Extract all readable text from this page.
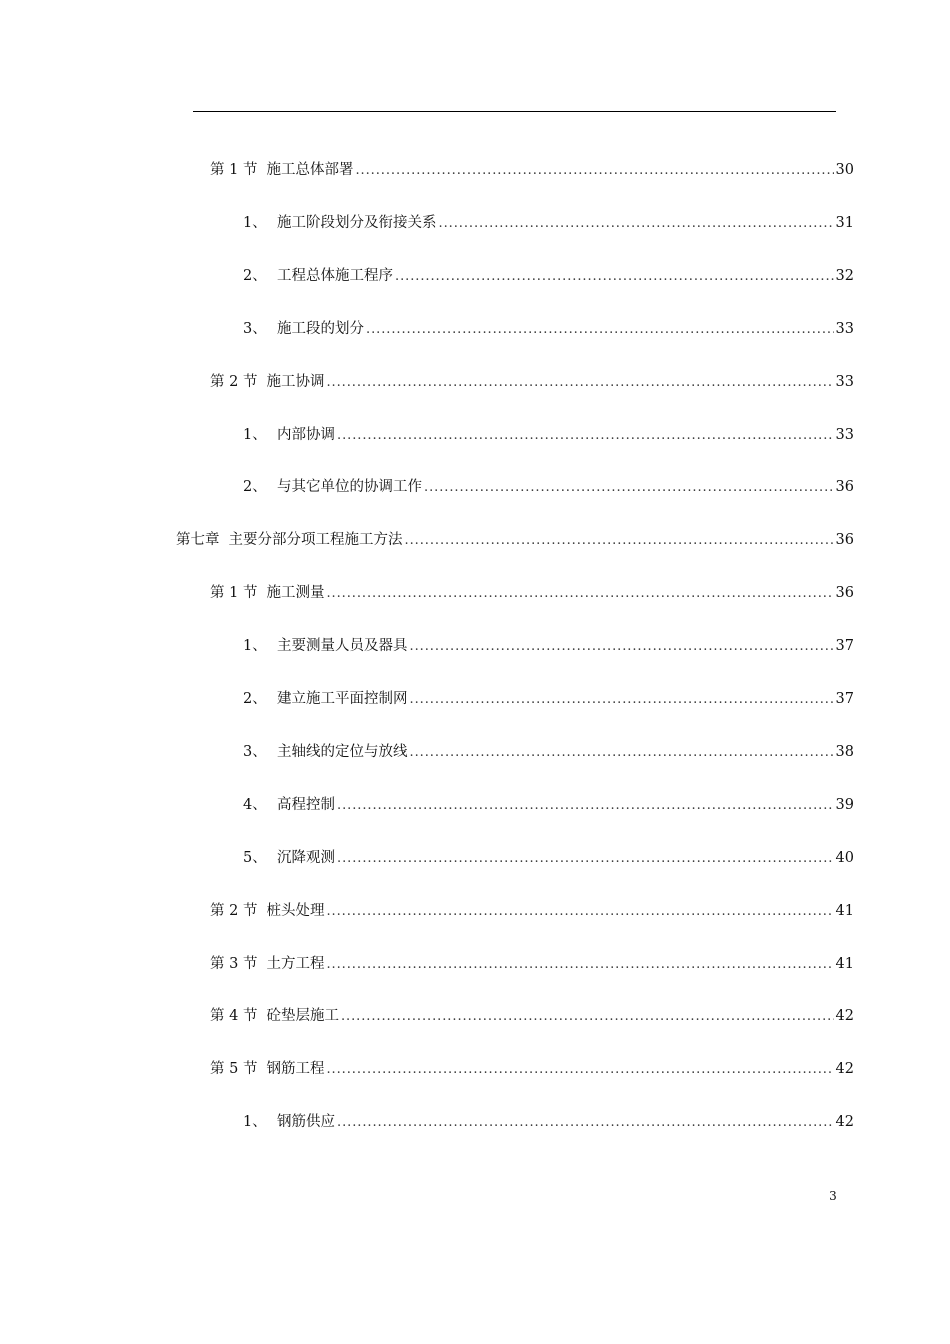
第 1 节 施工总体部署 . . .	30
1、 施工阶段划分及衔接关系 . . .	31
2、 工程总体施工程序 . . .	32
3、 施工段的划分 . . .	33
第 2 节 施工协调 . . .	33
1、 内部协调 . . .	33
2、 与其它单位的协调工作 . . .	36
第七章 主要分部分项工程施工方法 . . .	36
第 1 节 施工测量 . . .	36
1、 主要测量人员及器具 . . .	37
2、 建立施工平面控制网 . . .	37
3、 主轴线的定位与放线 . . .	38
4、 高程控制 . . .	39
5、 沉降观测 . . .	40
第 2 节 桩头处理 . . .	41
第 3 节 土方工程 . . .	41
第 4 节 砼垫层施工 . . .	42
第 5 节 钢筋工程 . . .	42
1、 钢筋供应 . . .	42
3
